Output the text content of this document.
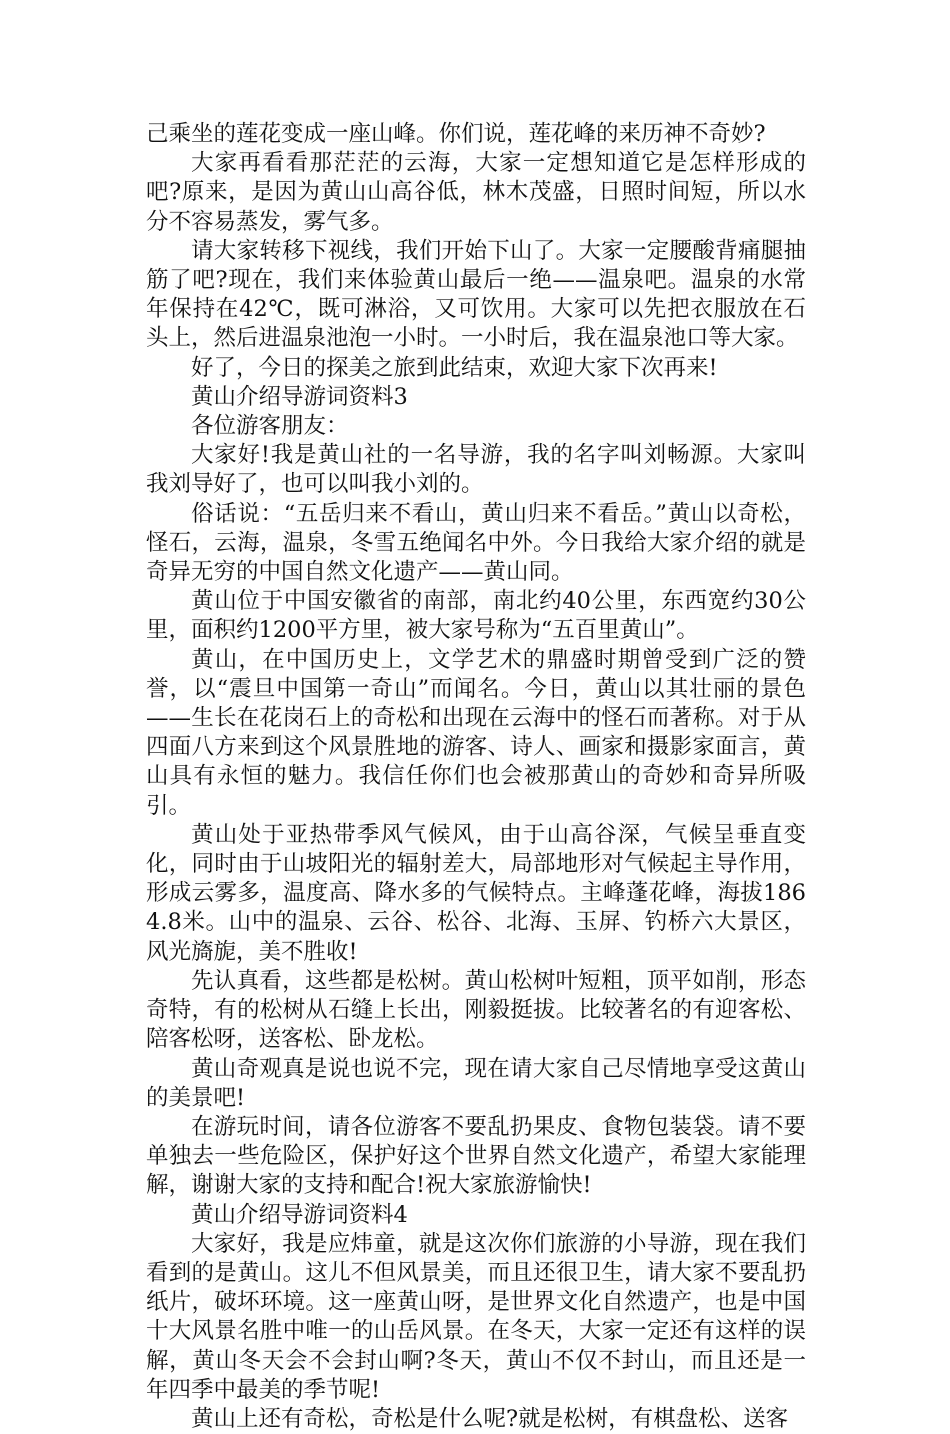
己乘坐的莲花变成一座山峰。你们说，莲花峰的来历神不奇妙?

大家再看看那茫茫的云海，大家一定想知道它是怎样形成的吧?原来，是因为黄山山高谷低，林木茂盛，日照时间短，所以水分不容易蒸发，雾气多。

请大家转移下视线，我们开始下山了。大家一定腰酸背痛腿抽筋了吧?现在，我们来体验黄山最后一绝——温泉吧。温泉的水常年保持在42℃，既可淋浴，又可饮用。大家可以先把衣服放在石头上，然后进温泉池泡一小时。一小时后，我在温泉池口等大家。

好了，今日的探美之旅到此结束，欢迎大家下次再来!

黄山介绍导游词资料3

各位游客朋友：

大家好!我是黄山社的一名导游，我的名字叫刘畅源。大家叫我刘导好了，也可以叫我小刘的。

俗话说：“五岳归来不看山，黄山归来不看岳。”黄山以奇松，怪石，云海，温泉，冬雪五绝闻名中外。今日我给大家介绍的就是奇异无穷的中国自然文化遗产——黄山同。

黄山位于中国安徽省的南部，南北约40公里，东西宽约30公里，面积约1200平方里，被大家号称为“五百里黄山”。

黄山，在中国历史上，文学艺术的鼎盛时期曾受到广泛的赞誉，以“震旦中国第一奇山”而闻名。今日，黄山以其壮丽的景色——生长在花岗石上的奇松和出现在云海中的怪石而著称。对于从四面八方来到这个风景胜地的游客、诗人、画家和摄影家面言，黄山具有永恒的魅力。我信任你们也会被那黄山的奇妙和奇异所吸引。

黄山处于亚热带季风气候风，由于山高谷深，气候呈垂直变化，同时由于山坡阳光的辐射差大，局部地形对气候起主导作用，形成云雾多，温度高、降水多的气候特点。主峰蓬花峰，海拔1864.8米。山中的温泉、云谷、松谷、北海、玉屏、钓桥六大景区，风光旖旎，美不胜收!

先认真看，这些都是松树。黄山松树叶短粗，顶平如削，形态奇特，有的松树从石缝上长出，刚毅挺拔。比较著名的有迎客松、陪客松呀，送客松、卧龙松。

黄山奇观真是说也说不完，现在请大家自己尽情地享受这黄山的美景吧!

在游玩时间，请各位游客不要乱扔果皮、食物包装袋。请不要单独去一些危险区，保护好这个世界自然文化遗产，希望大家能理解，谢谢大家的支持和配合!祝大家旅游愉快!

黄山介绍导游词资料4

大家好，我是应炜童，就是这次你们旅游的小导游，现在我们看到的是黄山。这儿不但风景美，而且还很卫生，请大家不要乱扔纸片，破坏环境。这一座黄山呀，是世界文化自然遗产，也是中国十大风景名胜中唯一的山岳风景。在冬天，大家一定还有这样的误解，黄山冬天会不会封山啊?冬天，黄山不仅不封山，而且还是一年四季中最美的季节呢!

黄山上还有奇松，奇松是什么呢?就是松树，有棋盘松、送客
